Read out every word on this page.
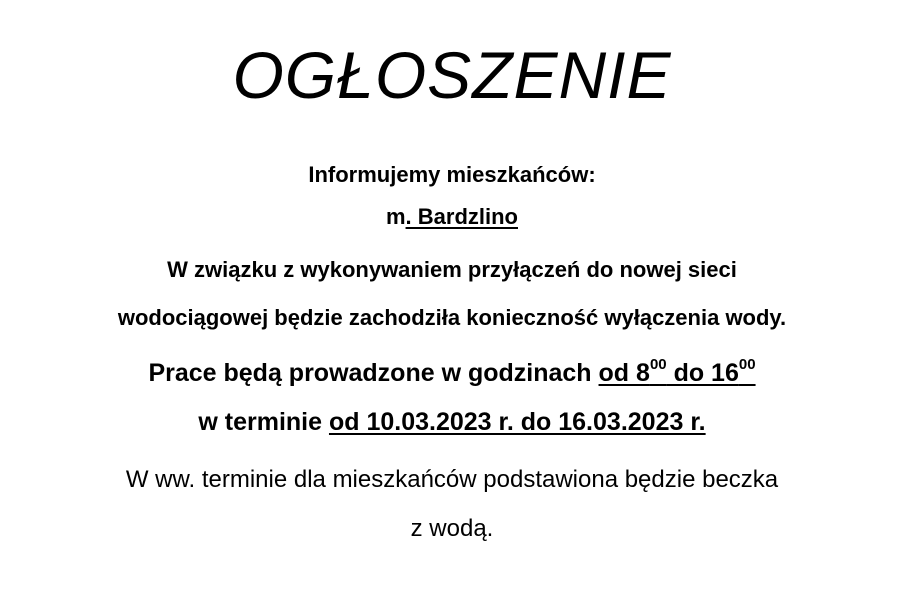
OGŁOSZENIE
Informujemy mieszkańców:
m. Bardzlino
W związku z wykonywaniem przyłączeń do nowej sieci
wodociągowej będzie zachodziła konieczność wyłączenia wody.
Prace będą prowadzone w godzinach od $8^{00}$ do $16^{00}$
w terminie od 10.03.2023 r. do 16.03.2023 r.
W ww. terminie dla mieszkańców podstawiona będzie beczka
z wodą.
